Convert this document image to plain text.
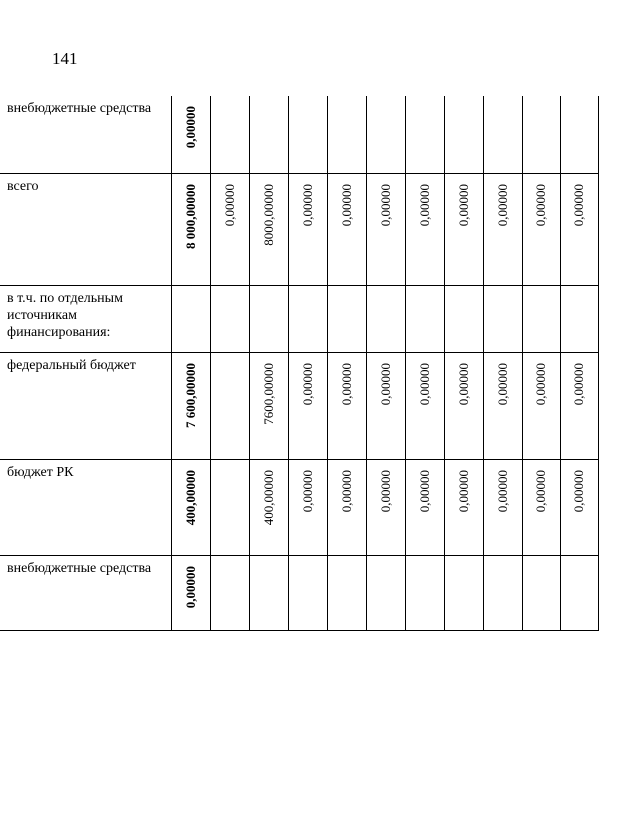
141
внебюджетные средства	0,00000										

всего	8 000,00000	0,00000	8000,00000	0,00000	0,00000	0,00000	0,00000	0,00000	0,00000	0,00000	0,00000

в т.ч. по отдельным источникам финансирования:	

федеральный бюджет	7 600,00000		7600,00000	0,00000	0,00000	0,00000	0,00000	0,00000	0,00000	0,00000	0,00000

бюджет РК	400,00000		400,00000	0,00000	0,00000	0,00000	0,00000	0,00000	0,00000	0,00000	0,00000

внебюджетные средства	0,00000										
